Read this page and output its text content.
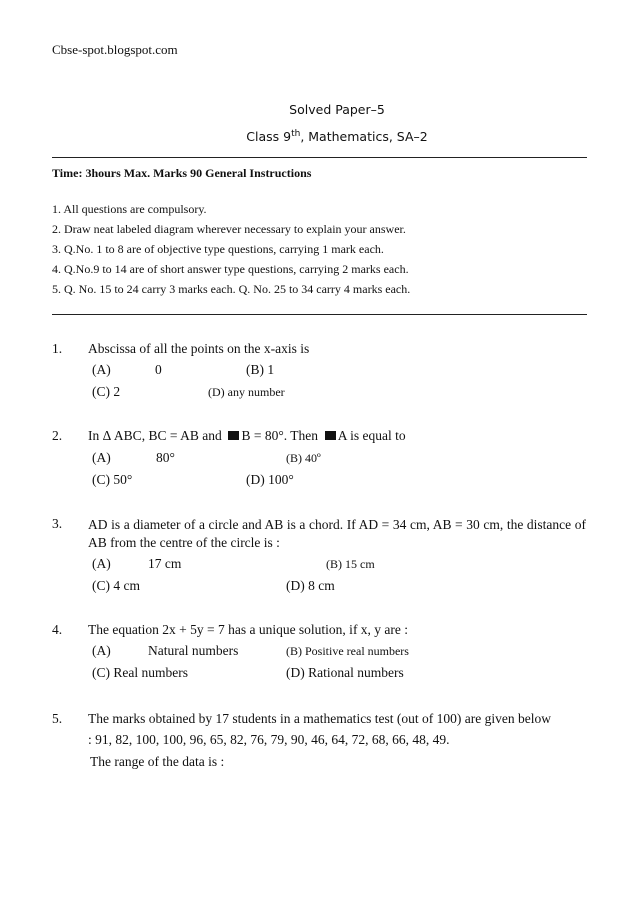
Cbse-spot.blogspot.com
Solved Paper–5
Class 9th, Mathematics, SA–2
Time: 3hours Max. Marks 90 General Instructions
1. All questions are compulsory.
2. Draw neat labeled diagram wherever necessary to explain your answer.
3. Q.No. 1 to 8 are of objective type questions, carrying 1 mark each.
4. Q.No.9 to 14 are of short answer type questions, carrying 2 marks each.
5. Q. No. 15 to 24 carry 3 marks each. Q. No. 25 to 34 carry 4 marks each.
1. Abscissa of all the points on the x-axis is
(A)	0	(B) 1
(C) 2	(D) any number
2. In Δ ABC, BC = AB and B = 80°. Then A is equal to
(A)	80°	(B) 40º
(C) 50°	(D) 100°
3. AD is a diameter of a circle and AB is a chord. If AD = 34 cm, AB = 30 cm, the distance of AB from the centre of the circle is :
(A)	17 cm	(B) 15 cm
(C) 4 cm	(D) 8 cm
4. The equation 2x + 5y = 7 has a unique solution, if x, y are :
(A)	Natural numbers	(B) Positive real numbers
(C) Real numbers	(D) Rational numbers
5. The marks obtained by 17 students in a mathematics test (out of 100) are given below
: 91, 82, 100, 100, 96, 65, 82, 76, 79, 90, 46, 64, 72, 68, 66, 48, 49.
The range of the data is :
